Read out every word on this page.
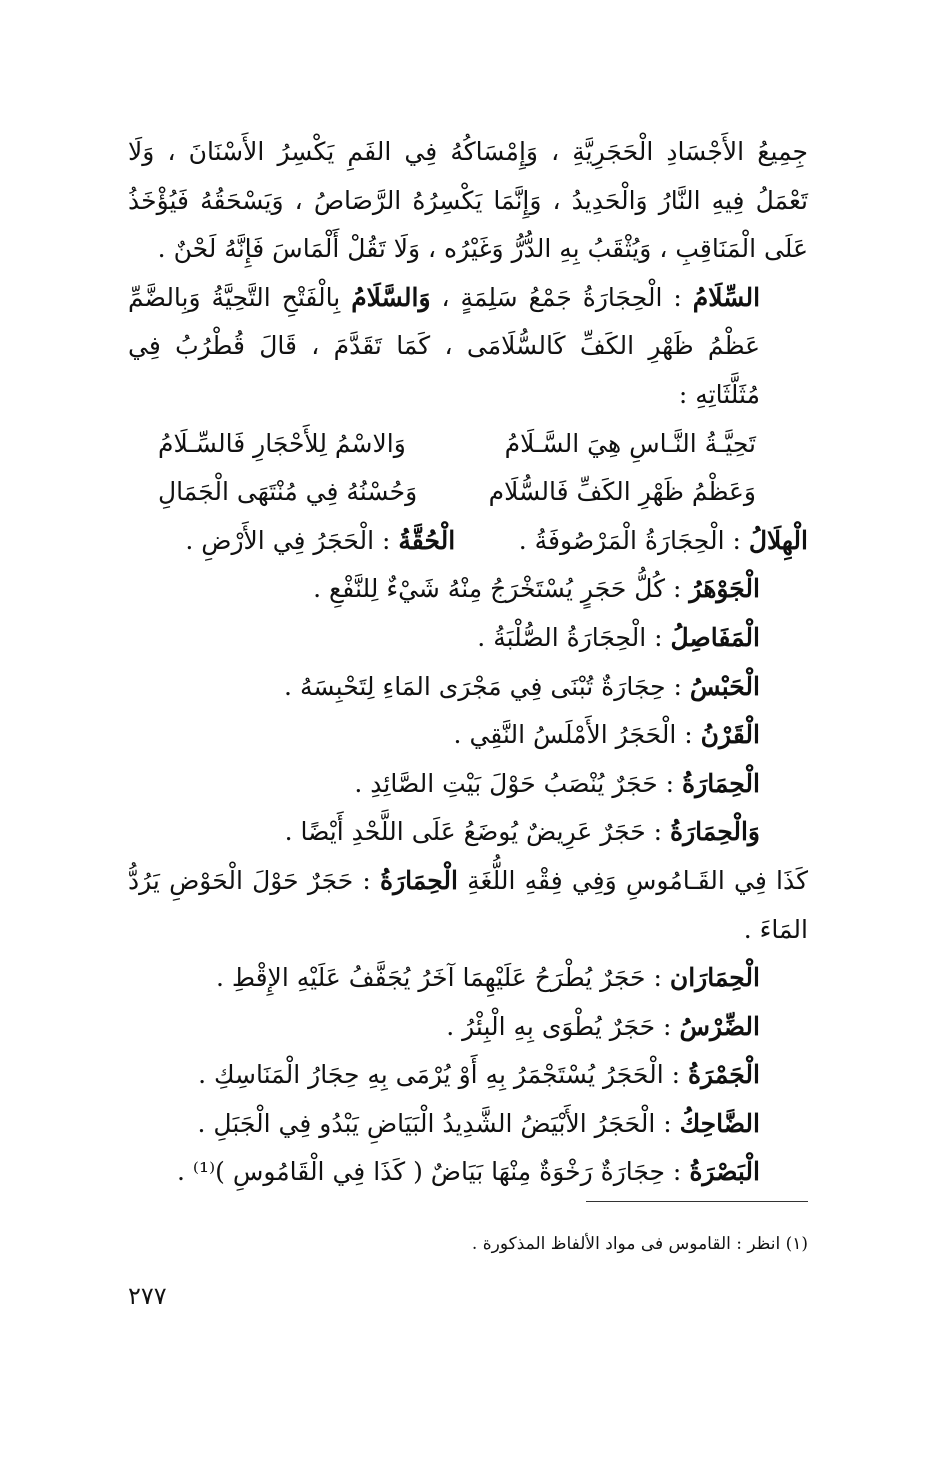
جِمِيعُ الأَجْسَادِ الْحَجَرِيَّةِ ، وَإِمْسَاكُهُ فِي الفَمِ يَكْسِرُ الأَسْنَانَ ، وَلَا تَعْمَلُ فِيهِ النَّارُ وَالْحَدِيدُ ، وَإِنَّمَا يَكْسِرُهُ الرَّصَاصُ ، وَيَسْحَقُهُ فَيُؤْخَذُ عَلَى الْمَنَاقِبِ ، وَيُثْقَبُ بِهِ الدُّرُّ وَغَيْرُه ، وَلَا تَقُلْ أَلْمَاسَ فَإِنَّهُ لَحْنٌ .

السِّلَامُ : الْحِجَارَةُ جَمْعُ سَلِمَةٍ ، وَالسَّلَامُ بِالْفَتْحِ التَّحِيَّةُ وَبِالضَّمِّ عَظْمُ ظَهْرِ الكَفِّ كَالسُّلَامَى ، كَمَا تَقَدَّمَ ، قَالَ قُطْرُبُ فِي مُثَلَّثَاتِهِ :

تَحِيَّـةُ النَّـاسِ هِيَ السَّـلَامُ
وَالاسْمُ لِلأَحْجَارِ فَالسِّـلَامُ
وَعَظْمُ ظَهْرِ الكَفِّ فَالسُّلَام
وَحُسْنُهُ فِي مُنْتَهَى الْجَمَالِ

الْهِلَالُ : الْحِجَارَةُ الْمَرْصُوفَةُ .        الْحُقَّةُ : الْحَجَرُ فِي الأَرْضِ .

الْجَوْهَرُ : كُلُّ حَجَرٍ يُسْتَخْرَجُ مِنْهُ شَيْءٌ لِلنَّفْعِ .

الْمَفَاصِلُ : الْحِجَارَةُ الصُّلْبَةُ .

الْحَبْسُ : حِجَارَةٌ تُبْنَى فِي مَجْرَى المَاءِ لِتَحْبِسَهُ .

الْقَرْنُ : الْحَجَرُ الأَمْلَسُ النَّقِي .

الْحِمَارَةُ : حَجَرٌ يُنْصَبُ حَوْلَ بَيْتِ الصَّائِدِ .

وَالْحِمَارَةُ : حَجَرٌ عَرِيضٌ يُوضَعُ عَلَى اللَّحْدِ أَيْضًا .

كَذَا فِي القَـامُوسِ وَفِي فِقْهِ اللُّغَةِ الْحِمَارَةُ : حَجَرٌ حَوْلَ الْحَوْضِ يَرُدُّ المَاءَ .

الْحِمَارَان : حَجَرٌ يُطْرَحُ عَلَيْهِمَا آخَرُ يُجَفَّفُ عَلَيْهِ الإِقْطِ .

الضِّرْسُ : حَجَرٌ يُطْوَى بِهِ الْبِئْرُ .

الْجَمْرَةُ : الْحَجَرُ يُسْتَجْمَرُ بِهِ أَوْ يُرْمَى بِهِ حِجَارُ الْمَنَاسِكِ .

الضَّاحِكُ : الْحَجَرُ الأَبْيَضُ الشَّدِيدُ الْبَيَاضِ يَبْدُو فِي الْجَبَلِ .

الْبَصْرَةُ : حِجَارَةٌ رَخْوَةٌ مِنْهَا بَيَاضٌ ( كَذَا فِي الْقَامُوسِ )⁽¹⁾ .

(١) انظر : القاموس فى مواد الألفاظ المذكورة .
٢٧٧
